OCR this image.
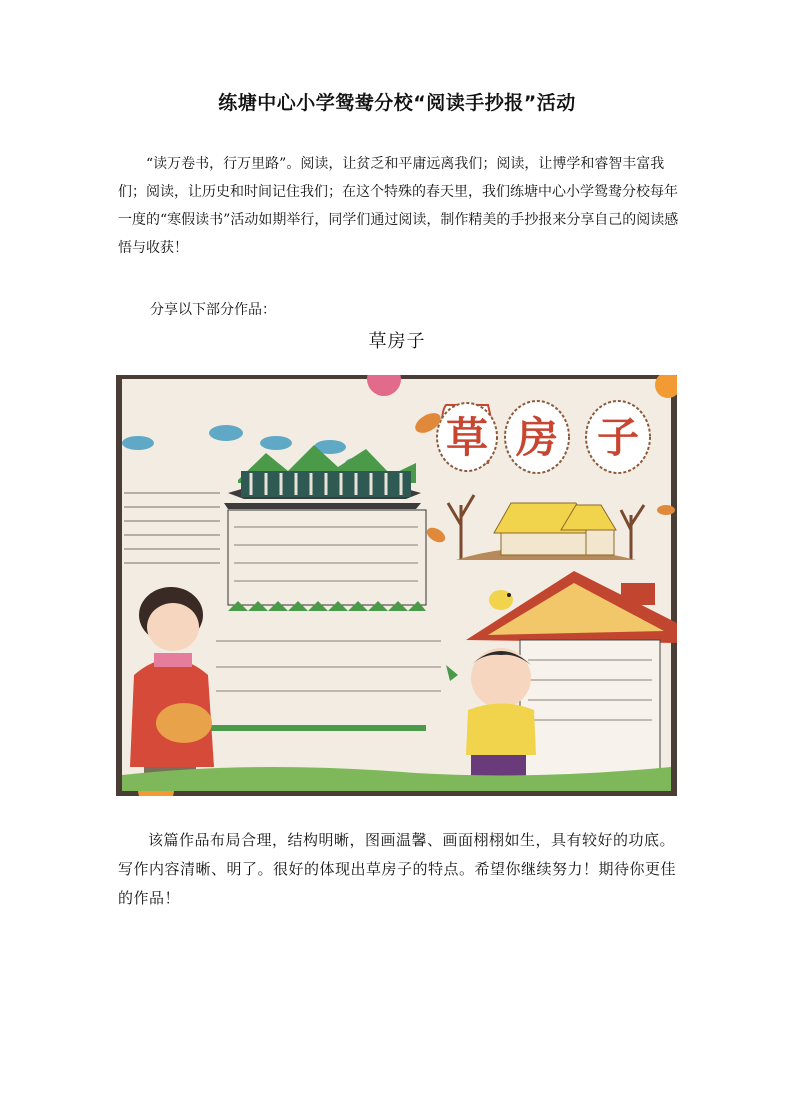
练塘中心小学鸳鸯分校“阅读手抄报”活动

“读万卷书，行万里路”。阅读，让贫乏和平庸远离我们；阅读，让博学和睿智丰富我们；阅读，让历史和时间记住我们；在这个特殊的春天里，我们练塘中心小学鸳鸯分校每年一度的“寒假读书”活动如期举行，同学们通过阅读，制作精美的手抄报来分享自己的阅读感悟与收获！

分享以下部分作品：

草房子
草 房 子

该篇作品布局合理，结构明晰，图画温馨、画面栩栩如生，具有较好的功底。写作内容清晰、明了。很好的体现出草房子的特点。希望你继续努力！期待你更佳的作品！
